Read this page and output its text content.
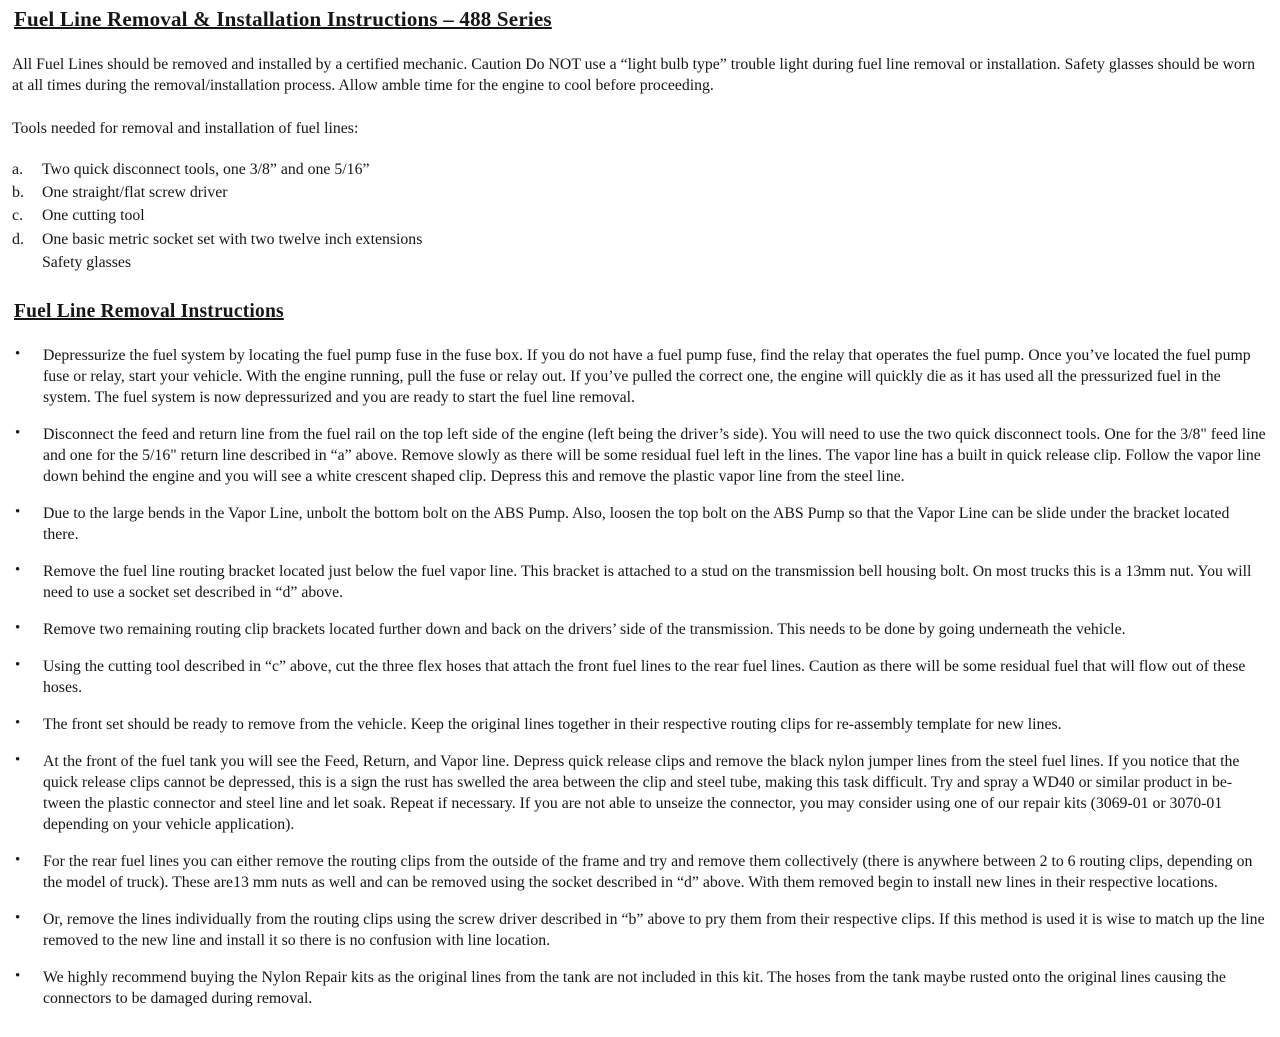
Fuel Line Removal & Installation Instructions – 488 Series

All Fuel Lines should be removed and installed by a certified mechanic. Caution Do NOT use a “light bulb type” trouble light during fuel line removal or installation. Safety glasses should be worn at all times during the removal/installation process. Allow amble time for the engine to cool before proceeding.

Tools needed for removal and installation of fuel lines:

a.	Two quick disconnect tools, one 3/8” and one 5/16”
b.	One straight/flat screw driver
c.	One cutting tool
d.	One basic metric socket set with two twelve inch extensions
Safety glasses
Fuel Line Removal Instructions
•	Depressurize the fuel system by locating the fuel pump fuse in the fuse box. If you do not have a fuel pump fuse, find the relay that operates the fuel pump. Once you’ve located the fuel pump fuse or relay, start your vehicle. With the engine running, pull the fuse or relay out. If you’ve pulled the correct one, the engine will quickly die as it has used all the pressurized fuel in the system. The fuel system is now depressurized and you are ready to start the fuel line removal.
•	Disconnect the feed and return line from the fuel rail on the top left side of the engine (left being the driver’s side). You will need to use the two quick disconnect tools. One for the 3/8" feed line and one for the 5/16" return line described in “a” above. Remove slowly as there will be some residual fuel left in the lines. The vapor line has a built in quick release clip. Follow the vapor line down behind the engine and you will see a white crescent shaped clip. Depress this and remove the plastic vapor line from the steel line.
•	Due to the large bends in the Vapor Line, unbolt the bottom bolt on the ABS Pump. Also, loosen the top bolt on the ABS Pump so that the Vapor Line can be slide under the bracket located there.
•	Remove the fuel line routing bracket located just below the fuel vapor line. This bracket is attached to a stud on the transmission bell housing bolt. On most trucks this is a 13mm nut. You will need to use a socket set described in “d” above.
•	Remove two remaining routing clip brackets located further down and back on the drivers’ side of the transmission. This needs to be done by going underneath the vehicle.
•	Using the cutting tool described in “c” above, cut the three flex hoses that attach the front fuel lines to the rear fuel lines. Caution as there will be some residual fuel that will flow out of these hoses.
•	The front set should be ready to remove from the vehicle. Keep the original lines together in their respective routing clips for re-assembly template for new lines.
•	At the front of the fuel tank you will see the Feed, Return, and Vapor line. Depress quick release clips and remove the black nylon jumper lines from the steel fuel lines. If you notice that the quick release clips cannot be depressed, this is a sign the rust has swelled the area between the clip and steel tube, making this task difficult. Try and spray a WD40 or similar product in be-tween the plastic connector and steel line and let soak. Repeat if necessary. If you are not able to unseize the connector, you may consider using one of our repair kits (3069-01 or 3070-01 depending on your vehicle application).
•	For the rear fuel lines you can either remove the routing clips from the outside of the frame and try and remove them collectively (there is anywhere between 2 to 6 routing clips, depending on the model of truck). These are13 mm nuts as well and can be removed using the socket described in “d” above. With them removed begin to install new lines in their respective locations.
•	Or, remove the lines individually from the routing clips using the screw driver described in “b” above to pry them from their respective clips. If this method is used it is wise to match up the line removed to the new line and install it so there is no confusion with line location.
•	We highly recommend buying the Nylon Repair kits as the original lines from the tank are not included in this kit. The hoses from the tank maybe rusted onto the original lines causing the connectors to be damaged during removal.
